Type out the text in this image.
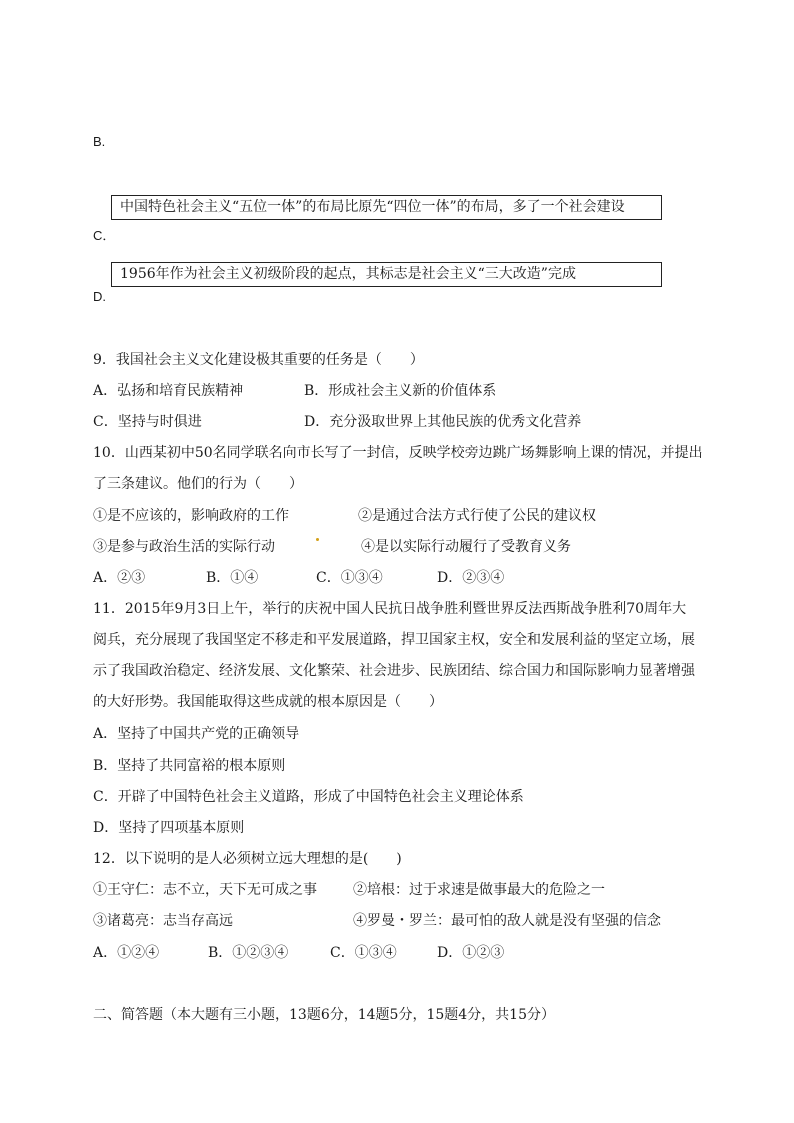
B.
中国特色社会主义“五位一体”的布局比原先“四位一体”的布局，多了一个社会建设
C．
1956年作为社会主义初级阶段的起点，其标志是社会主义“三大改造”完成
D.
9．我国社会主义文化建设极其重要的任务是（　　）
A．弘扬和培育民族精神	B．形成社会主义新的价值体系
C．坚持与时俱进	D．充分汲取世界上其他民族的优秀文化营养
10．山西某初中50名同学联名向市长写了一封信，反映学校旁边跳广场舞影响上课的情况，并提出
了三条建议。他们的行为（　　）
①是不应该的，影响政府的工作	②是通过合法方式行使了公民的建议权
③是参与政治生活的实际行动	④是以实际行动履行了受教育义务
A．②③	B．①④	C．①③④	D．②③④
11．2015年9月3日上午，举行的庆祝中国人民抗日战争胜利暨世界反法西斯战争胜利70周年大
阅兵，充分展现了我国坚定不移走和平发展道路，捍卫国家主权，安全和发展利益的坚定立场，展
示了我国政治稳定、经济发展、文化繁荣、社会进步、民族团结、综合国力和国际影响力显著增强
的大好形势。我国能取得这些成就的根本原因是（　　）
A．坚持了中国共产党的正确领导
B．坚持了共同富裕的根本原则
C．开辟了中国特色社会主义道路，形成了中国特色社会主义理论体系
D．坚持了四项基本原则
12．以下说明的是人必须树立远大理想的是(　　)
①王守仁：志不立，天下无可成之事	②培根：过于求速是做事最大的危险之一
③诸葛亮：志当存高远	④罗曼・罗兰：最可怕的敌人就是没有坚强的信念
A．①②④	B．①②③④	C．①③④	D．①②③
二、简答题（本大题有三小题，13题6分，14题5分，15题4分，共15分）
